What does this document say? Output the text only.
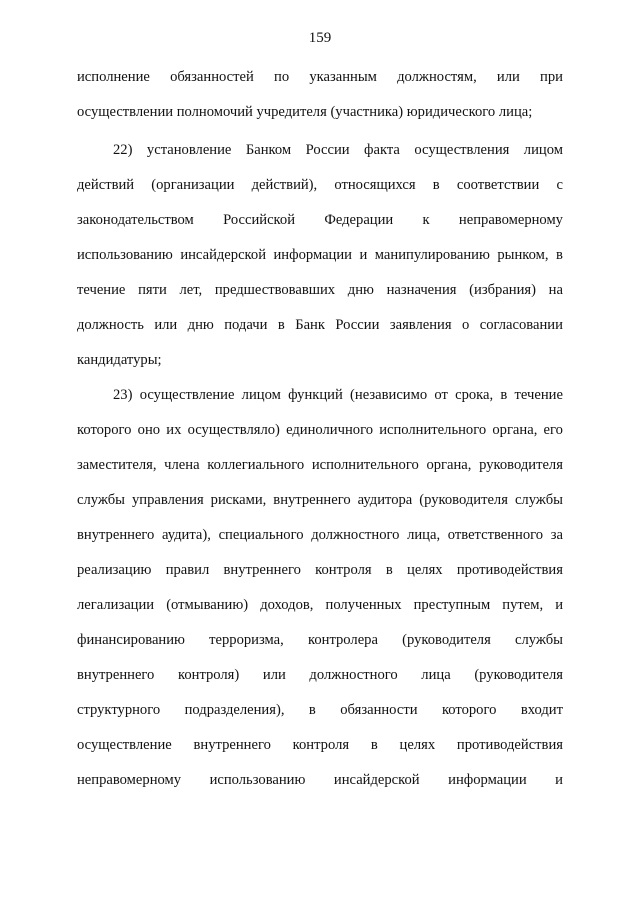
159
исполнение обязанностей по указанным должностям, или при
осуществлении полномочий учредителя (участника) юридического лица;
22) установление Банком России факта осуществления лицом
действий (организации действий), относящихся в соответствии с
законодательством Российской Федерации к неправомерному
использованию инсайдерской информации и манипулированию рынком, в
течение пяти лет, предшествовавших дню назначения (избрания) на
должность или дню подачи в Банк России заявления о согласовании
кандидатуры;
23) осуществление лицом функций (независимо от срока, в течение
которого оно их осуществляло) единоличного исполнительного органа, его
заместителя, члена коллегиального исполнительного органа, руководителя
службы управления рисками, внутреннего аудитора (руководителя службы
внутреннего аудита), специального должностного лица, ответственного за
реализацию правил внутреннего контроля в целях противодействия
легализации (отмыванию) доходов, полученных преступным путем, и
финансированию терроризма, контролера (руководителя службы
внутреннего контроля) или должностного лица (руководителя
структурного подразделения), в обязанности которого входит
осуществление внутреннего контроля в целях противодействия
неправомерному использованию инсайдерской информации и
